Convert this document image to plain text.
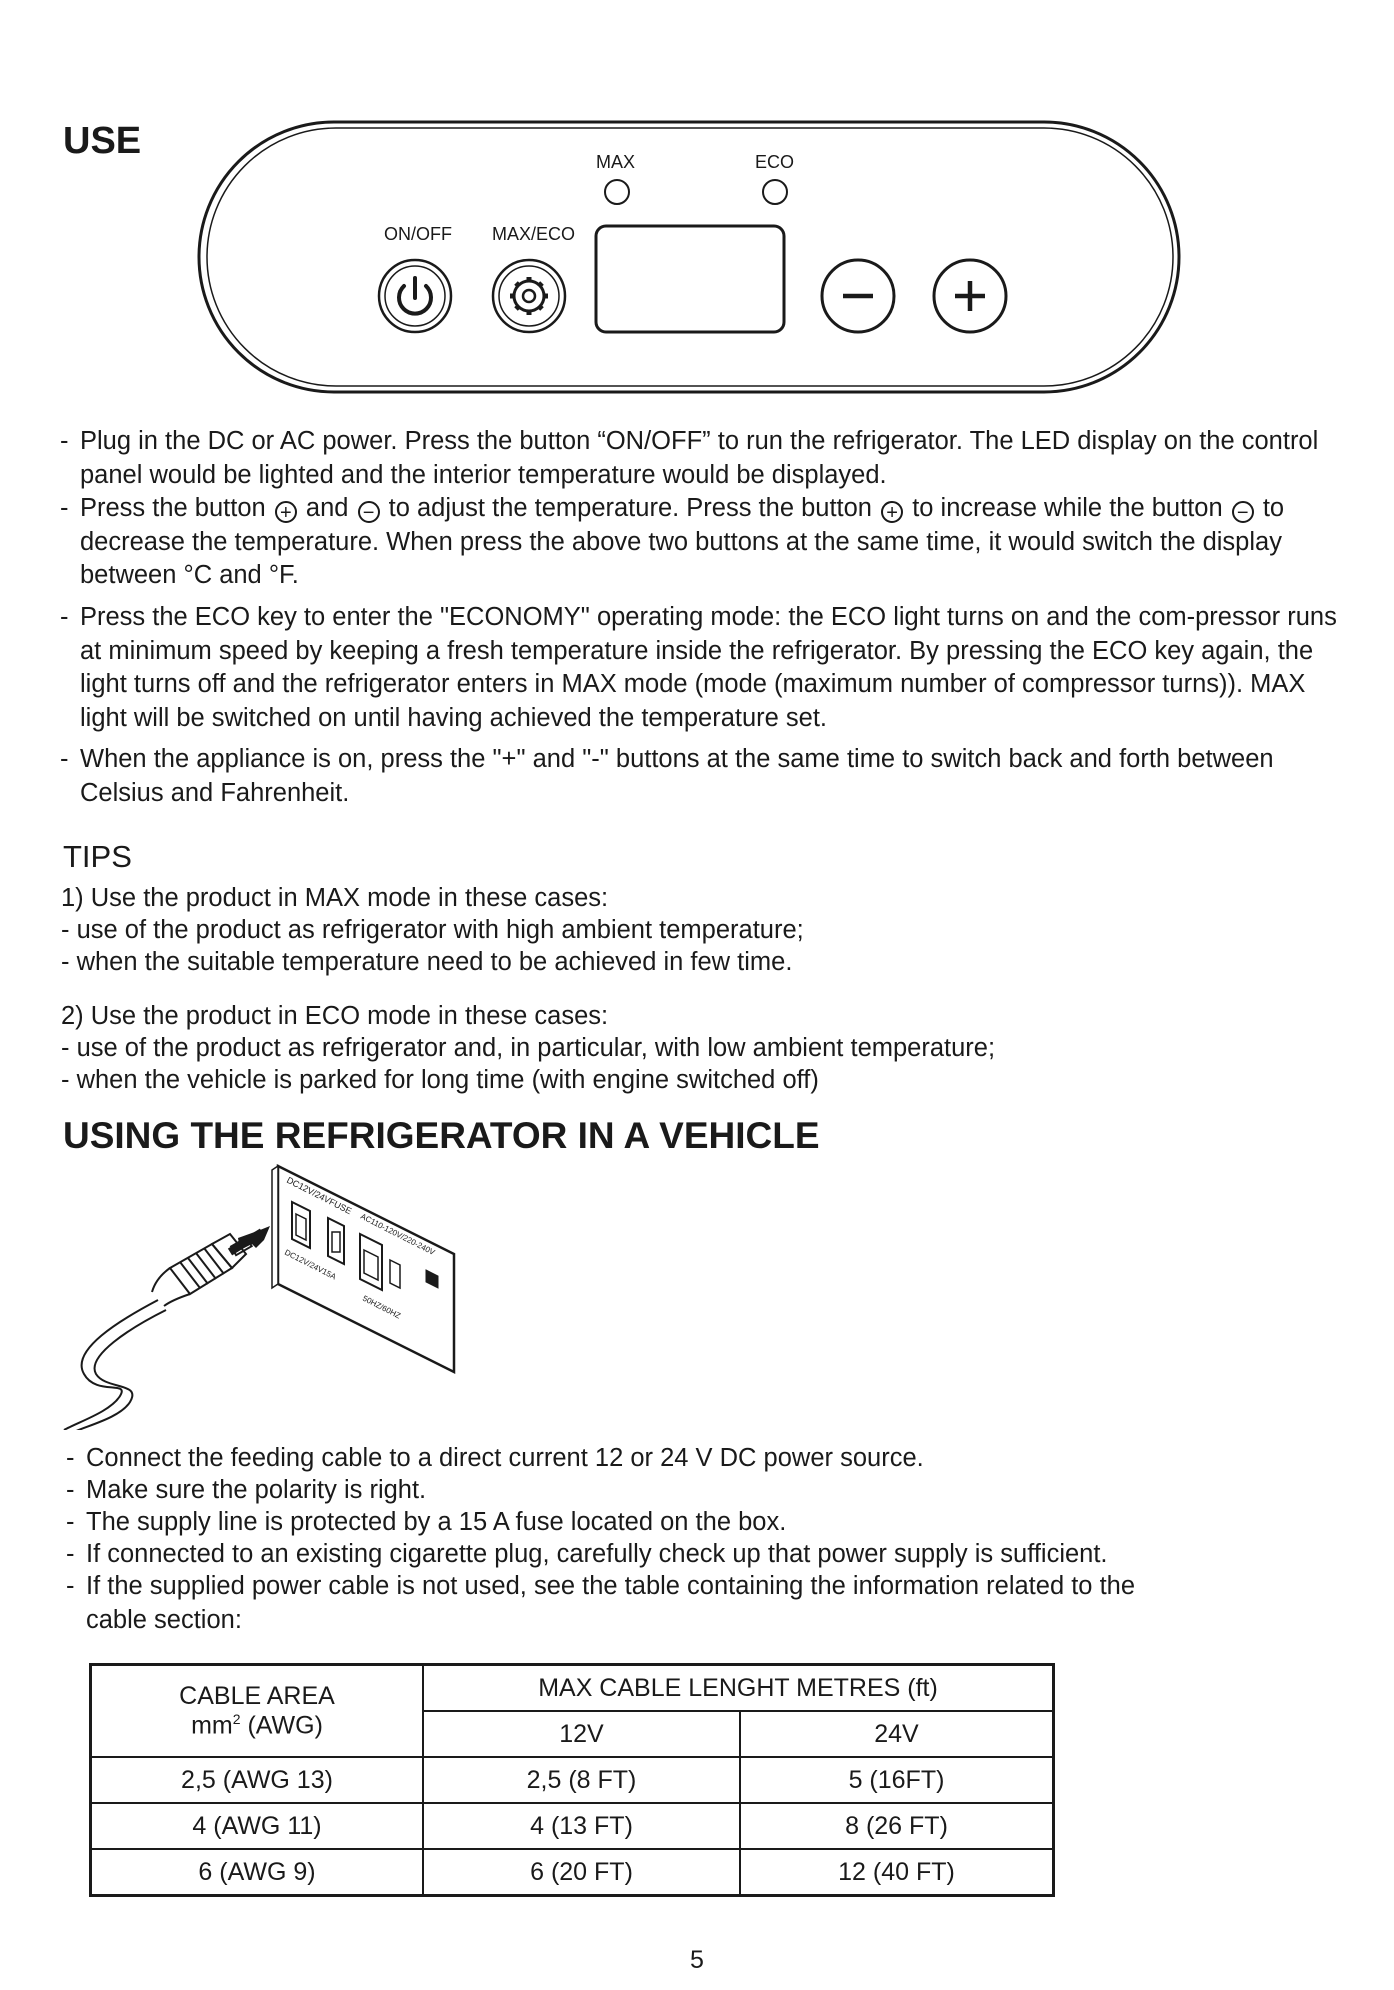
USE	MAX	ECO
ON/OFF MAX/ECO
- Plug in the DC or AC power. Press the button “ON/OFF” to run the refrigerator. The LED display on the control panel would be lighted and the interior temperature would be displayed.
- Press the button + and − to adjust the temperature. Press the button + to increase while the button − to decrease the temperature. When press the above two buttons at the same time, it would switch the display between °C and °F.
- Press the ECO key to enter the "ECONOMY" operating mode: the ECO light turns on and the com-pressor runs at minimum speed by keeping a fresh temperature inside the refrigerator. By pressing the ECO key again, the light turns off and the refrigerator enters in MAX mode (mode (maximum number of compressor turns)). MAX light will be switched on until having achieved the temperature set.
- When the appliance is on, press the "+" and "-" buttons at the same time to switch back and forth between Celsius and Fahrenheit.
TIPS

1) Use the product in MAX mode in these cases:

- use of the product as refrigerator with high ambient temperature;

- when the suitable temperature need to be achieved in few time.

2) Use the product in ECO mode in these cases:

- use of the product as refrigerator and, in particular, with low ambient temperature;

- when the vehicle is parked for long time (with engine switched off)

USING THE REFRIGERATOR IN A VEHICLE
DC12V/24VFUSE
AC110-120V/220-240V
DC12V/24V15A
50HZ/60HZ
- Connect the feeding cable to a direct current 12 or 24 V DC power source.
- Make sure the polarity is right.
- The supply line is protected by a 15 A fuse located on the box.
- If connected to an existing cigarette plug, carefully check up that power supply is sufficient.
- If the supplied power cable is not used, see the table containing the information related to the cable section:
CABLE AREA
$mm^2$ (AWG)	MAX CABLE LENGHT METRES (ft)	
	12V	24V
2,5 (AWG 13)	2,5 (8 FT)	5 (16FT)
4 (AWG 11)	4 (13 FT)	8 (26 FT)
6 (AWG 9)	6 (20 FT)	12 (40 FT)
5
